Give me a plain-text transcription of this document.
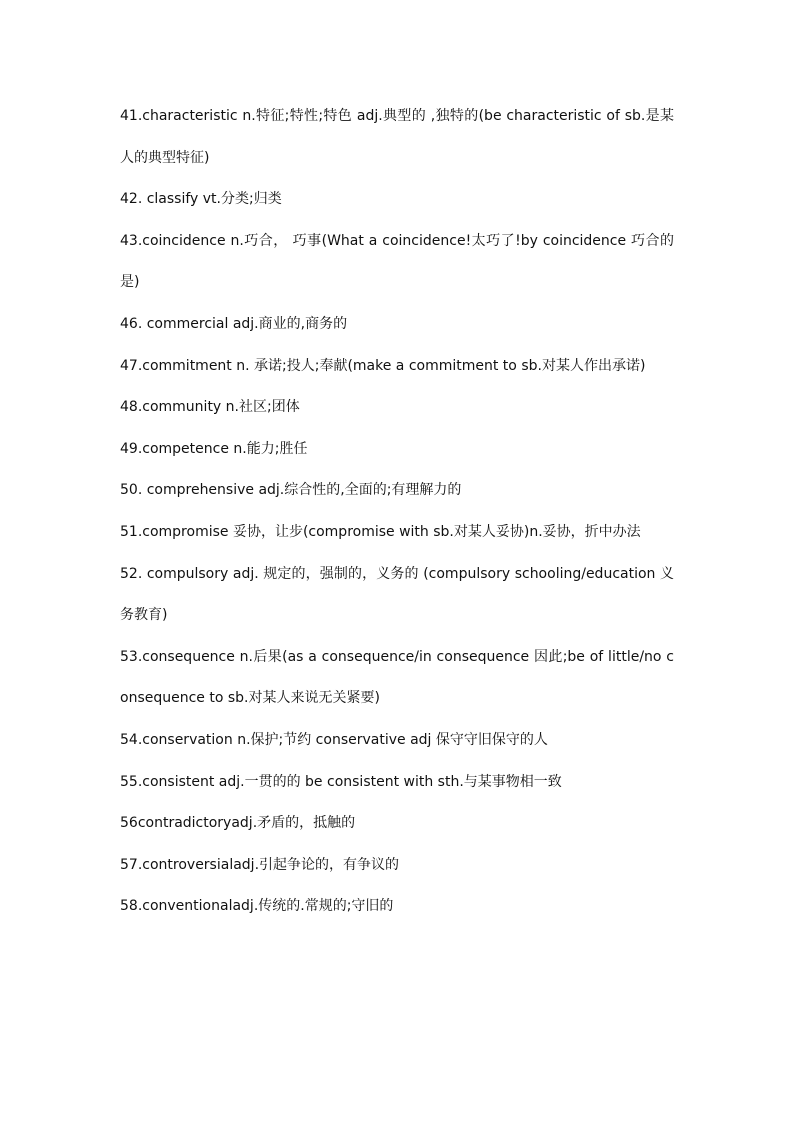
41.characteristic n.特征;特性;特色 adj.典型的 ,独特的(be characteristic of sb.是某人的典型特征)

42. classify vt.分类;归类

43.coincidence n.巧合， 巧事(What a coincidence!太巧了!by coincidence 巧合的是)

46. commercial adj.商业的,商务的

47.commitment n. 承诺;投人;奉献(make a commitment to sb.对某人作出承诺)

48.community n.社区;团体

49.competence n.能力;胜任

50. comprehensive adj.综合性的,全面的;有理解力的

51.compromise 妥协，让步(compromise with sb.对某人妥协)n.妥协，折中办法

52. compulsory adj. 规定的，强制的，义务的 (compulsory schooling/education 义务教育)

53.consequence n.后果(as a consequence/in consequence 因此;be of little/no consequence to sb.对某人来说无关紧要)

54.conservation n.保护;节约 conservative adj 保守守旧保守的人

55.consistent adj.一贯的的 be consistent with sth.与某事物相一致

56contradictoryadj.矛盾的，抵触的

57.controversialadj.引起争论的，有争议的

58.conventionaladj.传统的.常规的;守旧的
